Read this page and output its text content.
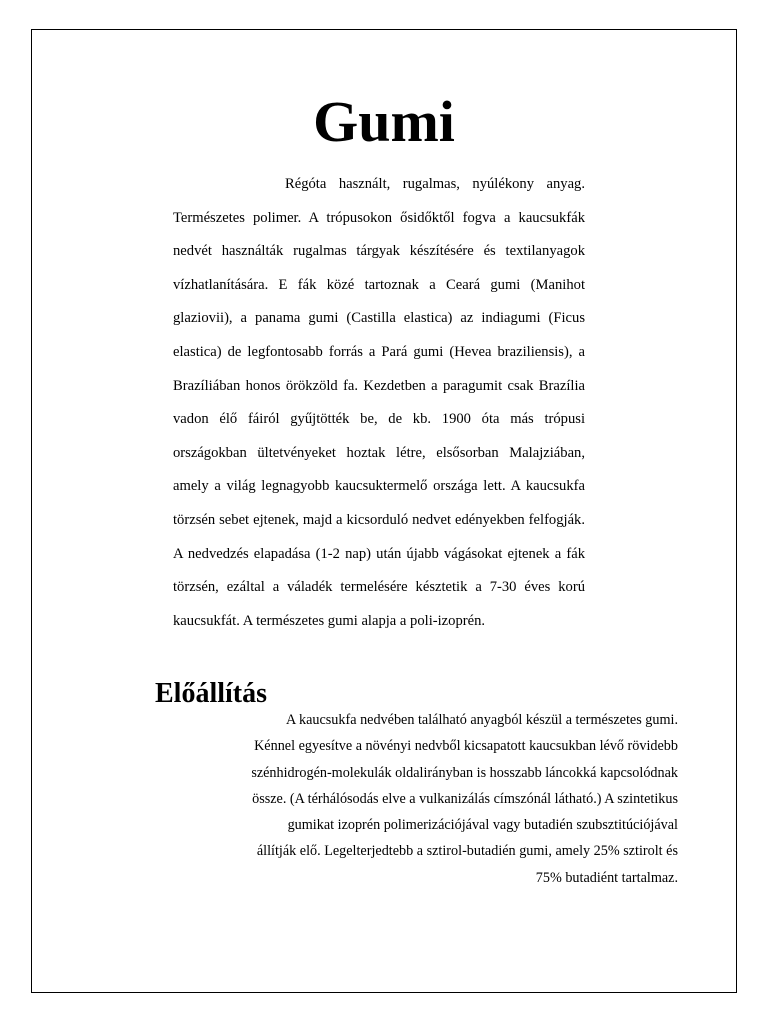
Gumi

Régóta használt, rugalmas, nyúlékony anyag. Természetes polimer. A trópusokon ősidőktől fogva a kaucsukfák nedvét használták rugalmas tárgyak készítésére és textilanyagok vízhatlanítására. E fák közé tartoznak a Ceará gumi (Manihot glaziovii), a panama gumi (Castilla elastica) az indiagumi (Ficus elastica) de legfontosabb forrás a Pará gumi (Hevea braziliensis), a Brazíliában honos örökzöld fa. Kezdetben a paragumit csak Brazília vadon élő fáiról gyűjtötték be, de kb. 1900 óta más trópusi országokban ültetvényeket hoztak létre, elsősorban Malajziában, amely a világ legnagyobb kaucsuktermelő országa lett. A kaucsukfa törzsén sebet ejtenek, majd a kicsorduló nedvet edényekben felfogják. A nedvedzés elapadása (1-2 nap) után újabb vágásokat ejtenek a fák törzsén, ezáltal a váladék termelésére késztetik a 7-30 éves korú kaucsukfát. A természetes gumi alapja a poli-izoprén.

Előállítás

A kaucsukfa nedvében található anyagból készül a természetes gumi. Kénnel egyesítve a növényi nedvből kicsapatott kaucsukban lévő rövidebb szénhidrogén-molekulák oldalirányban is hosszabb láncokká kapcsolódnak össze. (A térhálósodás elve a vulkanizálás címszónál látható.) A szintetikus gumikat izoprén polimerizációjával vagy butadién szubsztitúciójával állítják elő. Legelterjedtebb a sztirol-butadién gumi, amely 25% sztirolt és 75% butadiént tartalmaz.
